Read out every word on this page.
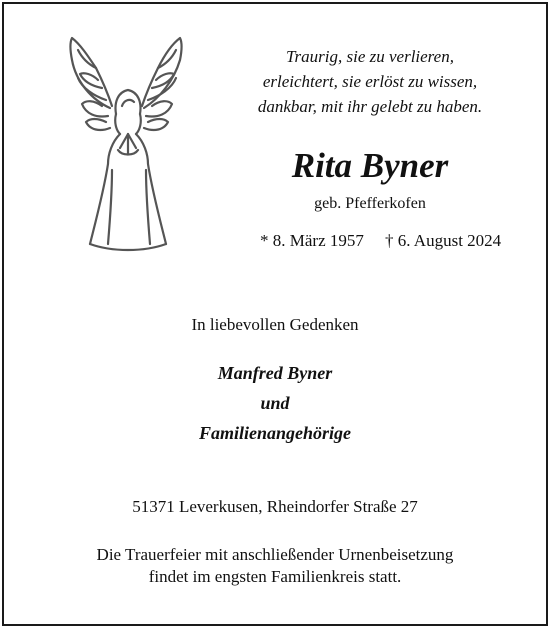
Traurig, sie zu verlieren,
erleichtert, sie erlöst zu wissen,
dankbar, mit ihr gelebt zu haben.
Rita Byner
geb. Pfefferkofen
* 8. März 1957 † 6. August 2024
In liebevollen Gedenken
Manfred Byner
und
Familienangehörige
51371 Leverkusen, Rheindorfer Straße 27
Die Trauerfeier mit anschließender Urnenbeisetzung
findet im engsten Familienkreis statt.
